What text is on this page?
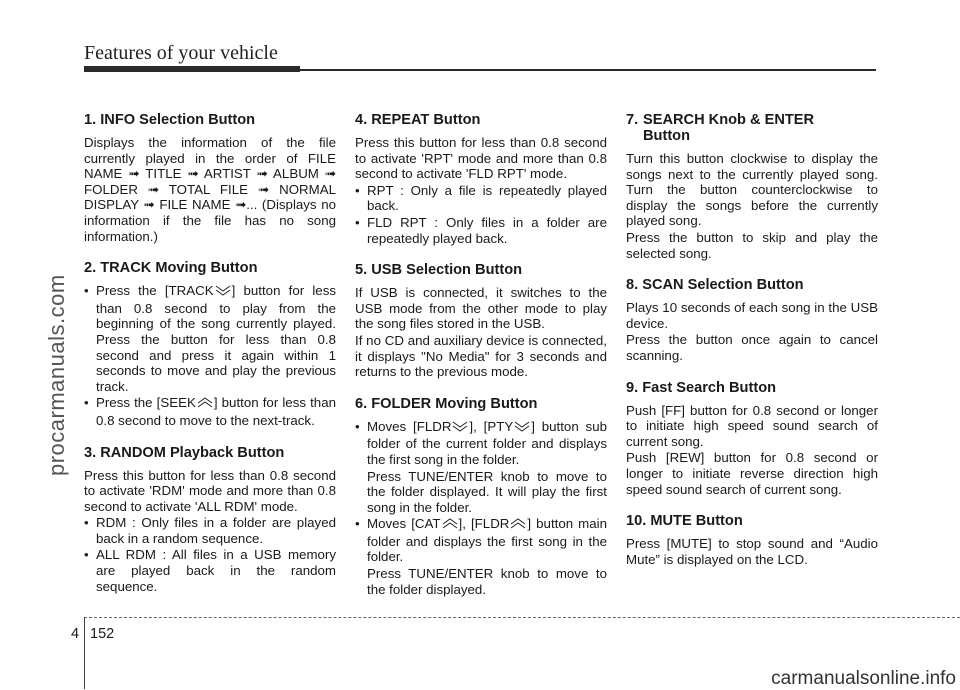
procarmanuals.com
Features of your vehicle
1. INFO Selection Button

Displays the information of the file currently played in the order of FILE NAME ➟ TITLE ➟ ARTIST ➟ ALBUM ➟ FOLDER ➟ TOTAL FILE ➟ NORMAL DISPLAY ➟ FILE NAME ➟... (Displays no information if the file has no song information.)

2. TRACK Moving Button
• Press the [TRACK ] button for less than 0.8 second to play from the beginning of the song currently played. Press the button for less than 0.8 second and press it again within 1 seconds to move and play the previous track.
• Press the [SEEK ] button for less than 0.8 second to move to the next-track.
3. RANDOM Playback Button

Press this button for less than 0.8 second to activate 'RDM' mode and more than 0.8 second to activate 'ALL RDM' mode.

• RDM : Only files in a folder are played back in a random sequence.
• ALL RDM : All files in a USB memory are played back in the random sequence.
4. REPEAT Button

Press this button for less than 0.8 second to activate 'RPT' mode and more than 0.8 second to activate 'FLD RPT' mode.

• RPT : Only a file is repeatedly played back.
• FLD RPT : Only files in a folder are repeatedly played back.
5. USB Selection Button

If USB is connected, it switches to the USB mode from the other mode to play the song files stored in the USB.

If no CD and auxiliary device is connected, it displays "No Media" for 3 seconds and returns to the previous mode.

6. FOLDER Moving Button
• Moves [FLDR ], [PTY ] button sub folder of the current folder and displays the first song in the folder.
Press TUNE/ENTER knob to move to the folder displayed. It will play the first song in the folder.
• Moves [CAT ], [FLDR ] button main folder and displays the first song in the folder.
Press TUNE/ENTER knob to move to the folder displayed.
7. SEARCH Knob & ENTER
Button

Turn this button clockwise to display the songs next to the currently played song. Turn the button counterclockwise to display the songs before the currently played song.

Press the button to skip and play the selected song.

8. SCAN Selection Button

Plays 10 seconds of each song in the USB device.

Press the button once again to cancel scanning.

9. Fast Search Button

Push [FF] button for 0.8 second or longer to initiate high speed sound search of current song.

Push [REW] button for 0.8 second or longer to initiate reverse direction high speed sound search of current song.

10. MUTE Button

Press [MUTE] to stop sound and “Audio Mute” is displayed on the LCD.

4 152
carmanualsonline.info
